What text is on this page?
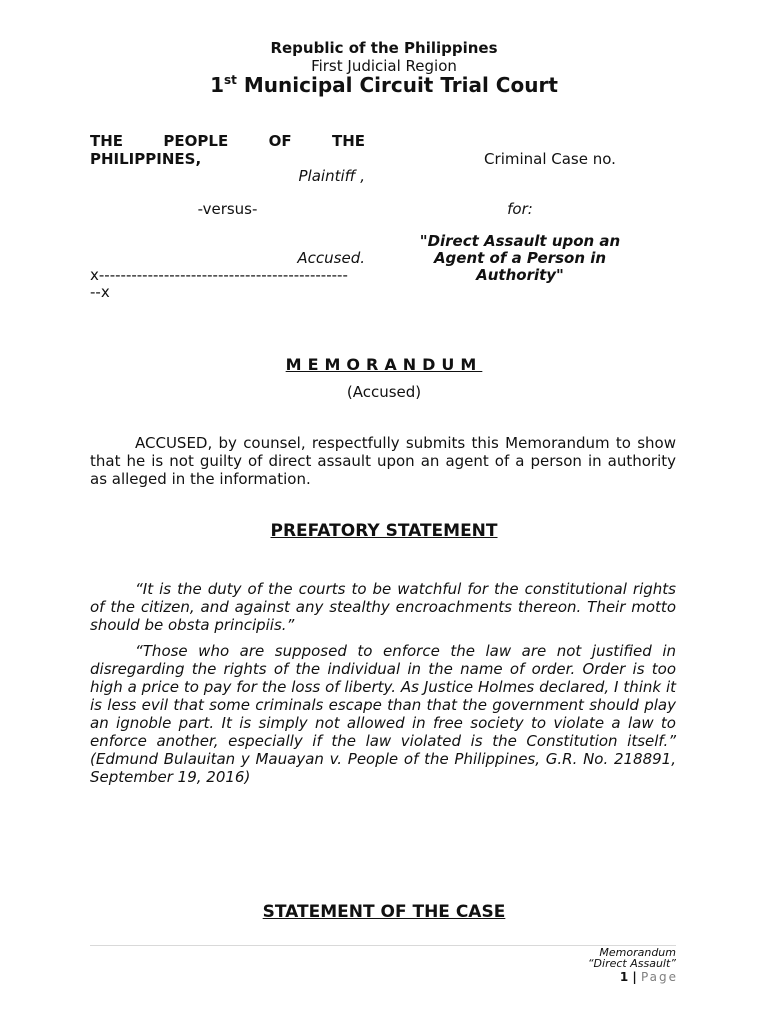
Republic of the Philippines

First Judicial Region

1st Municipal Circuit Trial Court

THE PEOPLE OF THE
PHILIPPINES,
Plaintiff ,
-versus-
Accused.
x----------------------------------------------
--x
Criminal Case no.
for:
"Direct Assault upon an Agent of a Person in Authority"

MEMORANDUM

(Accused)

ACCUSED, by counsel, respectfully submits this Memorandum to show that he is not guilty of direct assault upon an agent of a person in authority as alleged in the information.

PREFATORY STATEMENT

“It is the duty of the courts to be watchful for the constitutional rights of the citizen, and against any stealthy encroachments thereon. Their motto should be obsta principiis.”

“Those who are supposed to enforce the law are not justified in disregarding the rights of the individual in the name of order. Order is too high a price to pay for the loss of liberty. As Justice Holmes declared, I think it is less evil that some criminals escape than that the government should play an ignoble part. It is simply not allowed in free society to violate a law to enforce another, especially if the law violated is the Constitution itself.” (Edmund Bulauitan y Mauayan v. People of the Philippines, G.R. No. 218891, September 19, 2016)

STATEMENT OF THE CASE

Memorandum
“Direct Assault”
1 | Page
